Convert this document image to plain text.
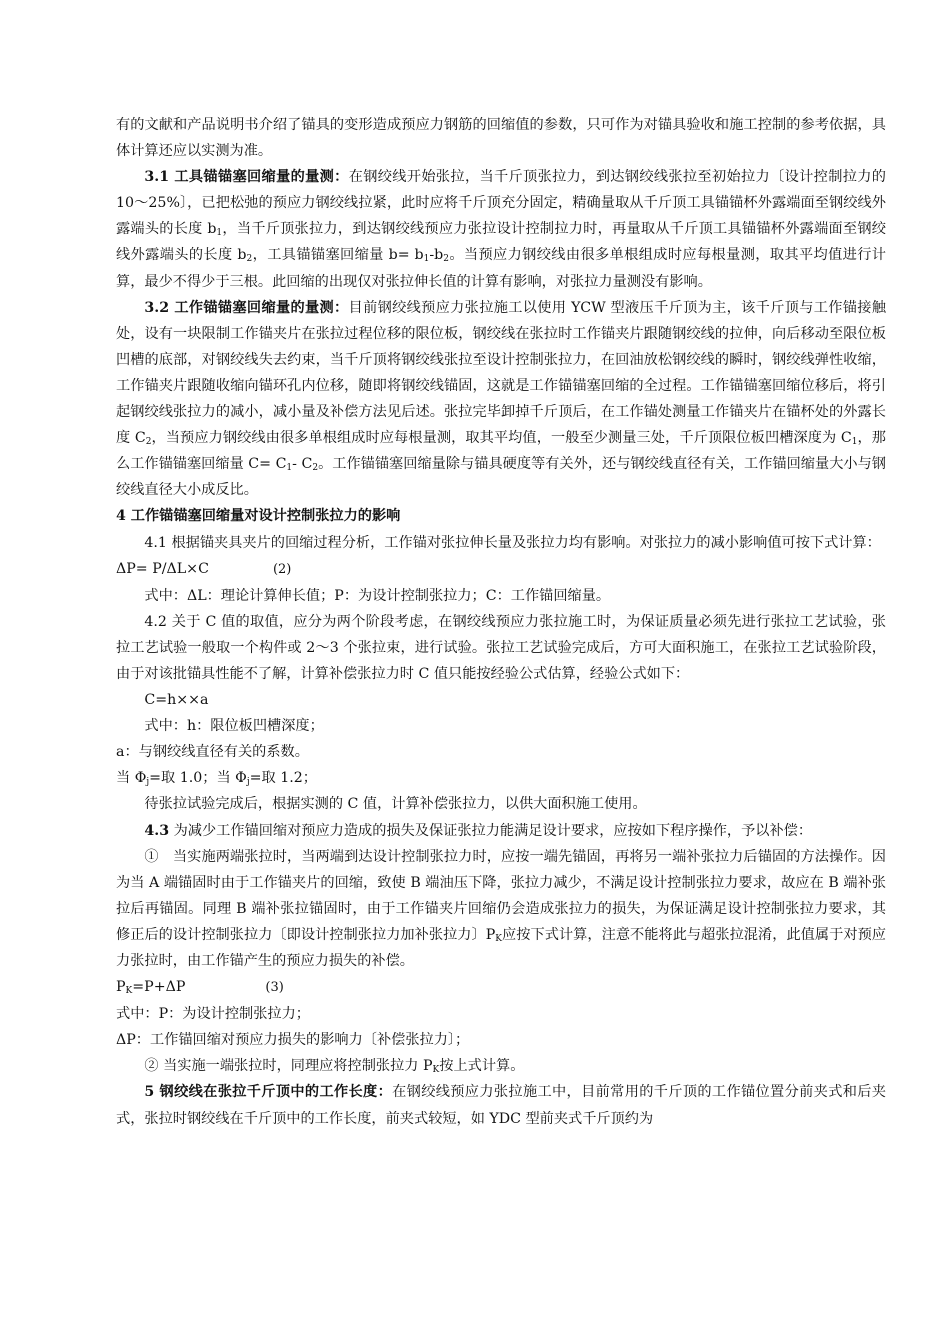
有的文献和产品说明书介绍了锚具的变形造成预应力钢筋的回缩值的参数，只可作为对锚具验收和施工控制的参考依据，具体计算还应以实测为准。

3.1 工具锚锚塞回缩量的量测：在钢绞线开始张拉，当千斤顶张拉力，到达钢绞线张拉至初始拉力〔设计控制拉力的10～25%〕，已把松弛的预应力钢绞线拉紧，此时应将千斤顶充分固定，精确量取从千斤顶工具锚锚杯外露端面至钢绞线外露端头的长度 $b_1$，当千斤顶张拉力，到达钢绞线预应力张拉设计控制拉力时，再量取从千斤顶工具锚锚杯外露端面至钢绞线外露端头的长度 $b_2$，工具锚锚塞回缩量 $b= b_1-b_2$。当预应力钢绞线由很多单根组成时应每根量测，取其平均值进行计算，最少不得少于三根。此回缩的出现仅对张拉伸长值的计算有影响，对张拉力量测没有影响。

3.2 工作锚锚塞回缩量的量测：目前钢绞线预应力张拉施工以使用 YCW 型液压千斤顶为主，该千斤顶与工作锚接触处，设有一块限制工作锚夹片在张拉过程位移的限位板，钢绞线在张拉时工作锚夹片跟随钢绞线的拉伸，向后移动至限位板凹槽的底部，对钢绞线失去约束，当千斤顶将钢绞线张拉至设计控制张拉力，在回油放松钢绞线的瞬时，钢绞线弹性收缩，工作锚夹片跟随收缩向锚环孔内位移，随即将钢绞线锚固，这就是工作锚锚塞回缩的全过程。工作锚锚塞回缩位移后，将引起钢绞线张拉力的减小，减小量及补偿方法见后述。张拉完毕卸掉千斤顶后，在工作锚处测量工作锚夹片在锚杯处的外露长度 $C_2$，当预应力钢绞线由很多单根组成时应每根量测，取其平均值，一般至少测量三处，千斤顶限位板凹槽深度为 $C_1$，那么工作锚锚塞回缩量 $C= C_1-$ $C_2$。工作锚锚塞回缩量除与锚具硬度等有关外，还与钢绞线直径有关，工作锚回缩量大小与钢绞线直径大小成反比。

4 工作锚锚塞回缩量对设计控制张拉力的影响

4.1 根据锚夹具夹片的回缩过程分析，工作锚对张拉伸长量及张拉力均有影响。对张拉力的减小影响值可按下式计算：

ΔP= P/ΔL×C	(2)

式中：ΔL：理论计算伸长值；P：为设计控制张拉力；C：工作锚回缩量。

4.2 关于 C 值的取值，应分为两个阶段考虑，在钢绞线预应力张拉施工时，为保证质量必须先进行张拉工艺试验，张拉工艺试验一般取一个构件或 2～3 个张拉束，进行试验。张拉工艺试验完成后，方可大面积施工，在张拉工艺试验阶段，由于对该批锚具性能不了解，计算补偿张拉力时 C 值只能按经验公式估算，经验公式如下：

C=h××a

式中：h：限位板凹槽深度；

a：与钢绞线直径有关的系数。

当 $\Phi_j=$取 1.0；当 $\Phi_j=$取 1.2；

待张拉试验完成后，根据实测的 C 值，计算补偿张拉力，以供大面积施工使用。

4.3 为减少工作锚回缩对预应力造成的损失及保证张拉力能满足设计要求，应按如下程序操作，予以补偿：

①　当实施两端张拉时，当两端到达设计控制张拉力时，应按一端先锚固，再将另一端补张拉力后锚固的方法操作。因为当 A 端锚固时由于工作锚夹片的回缩，致使 B 端油压下降，张拉力减少，不满足设计控制张拉力要求，故应在 B 端补张拉后再锚固。同理 B 端补张拉锚固时，由于工作锚夹片回缩仍会造成张拉力的损失，为保证满足设计控制张拉力要求，其修正后的设计控制张拉力〔即设计控制张拉力加补张拉力〕$P_K$应按下式计算，注意不能将此与超张拉混淆，此值属于对预应力张拉时，由工作锚产生的预应力损失的补偿。

$P_K=P+\Delta P$	(3)

式中：P：为设计控制张拉力；

ΔP：工作锚回缩对预应力损失的影响力〔补偿张拉力〕；

② 当实施一端张拉时，同理应将控制张拉力 $P_K$按上式计算。

5 钢绞线在张拉千斤顶中的工作长度：在钢绞线预应力张拉施工中，目前常用的千斤顶的工作锚位置分前夹式和后夹式，张拉时钢绞线在千斤顶中的工作长度，前夹式较短，如 YDC 型前夹式千斤顶约为
